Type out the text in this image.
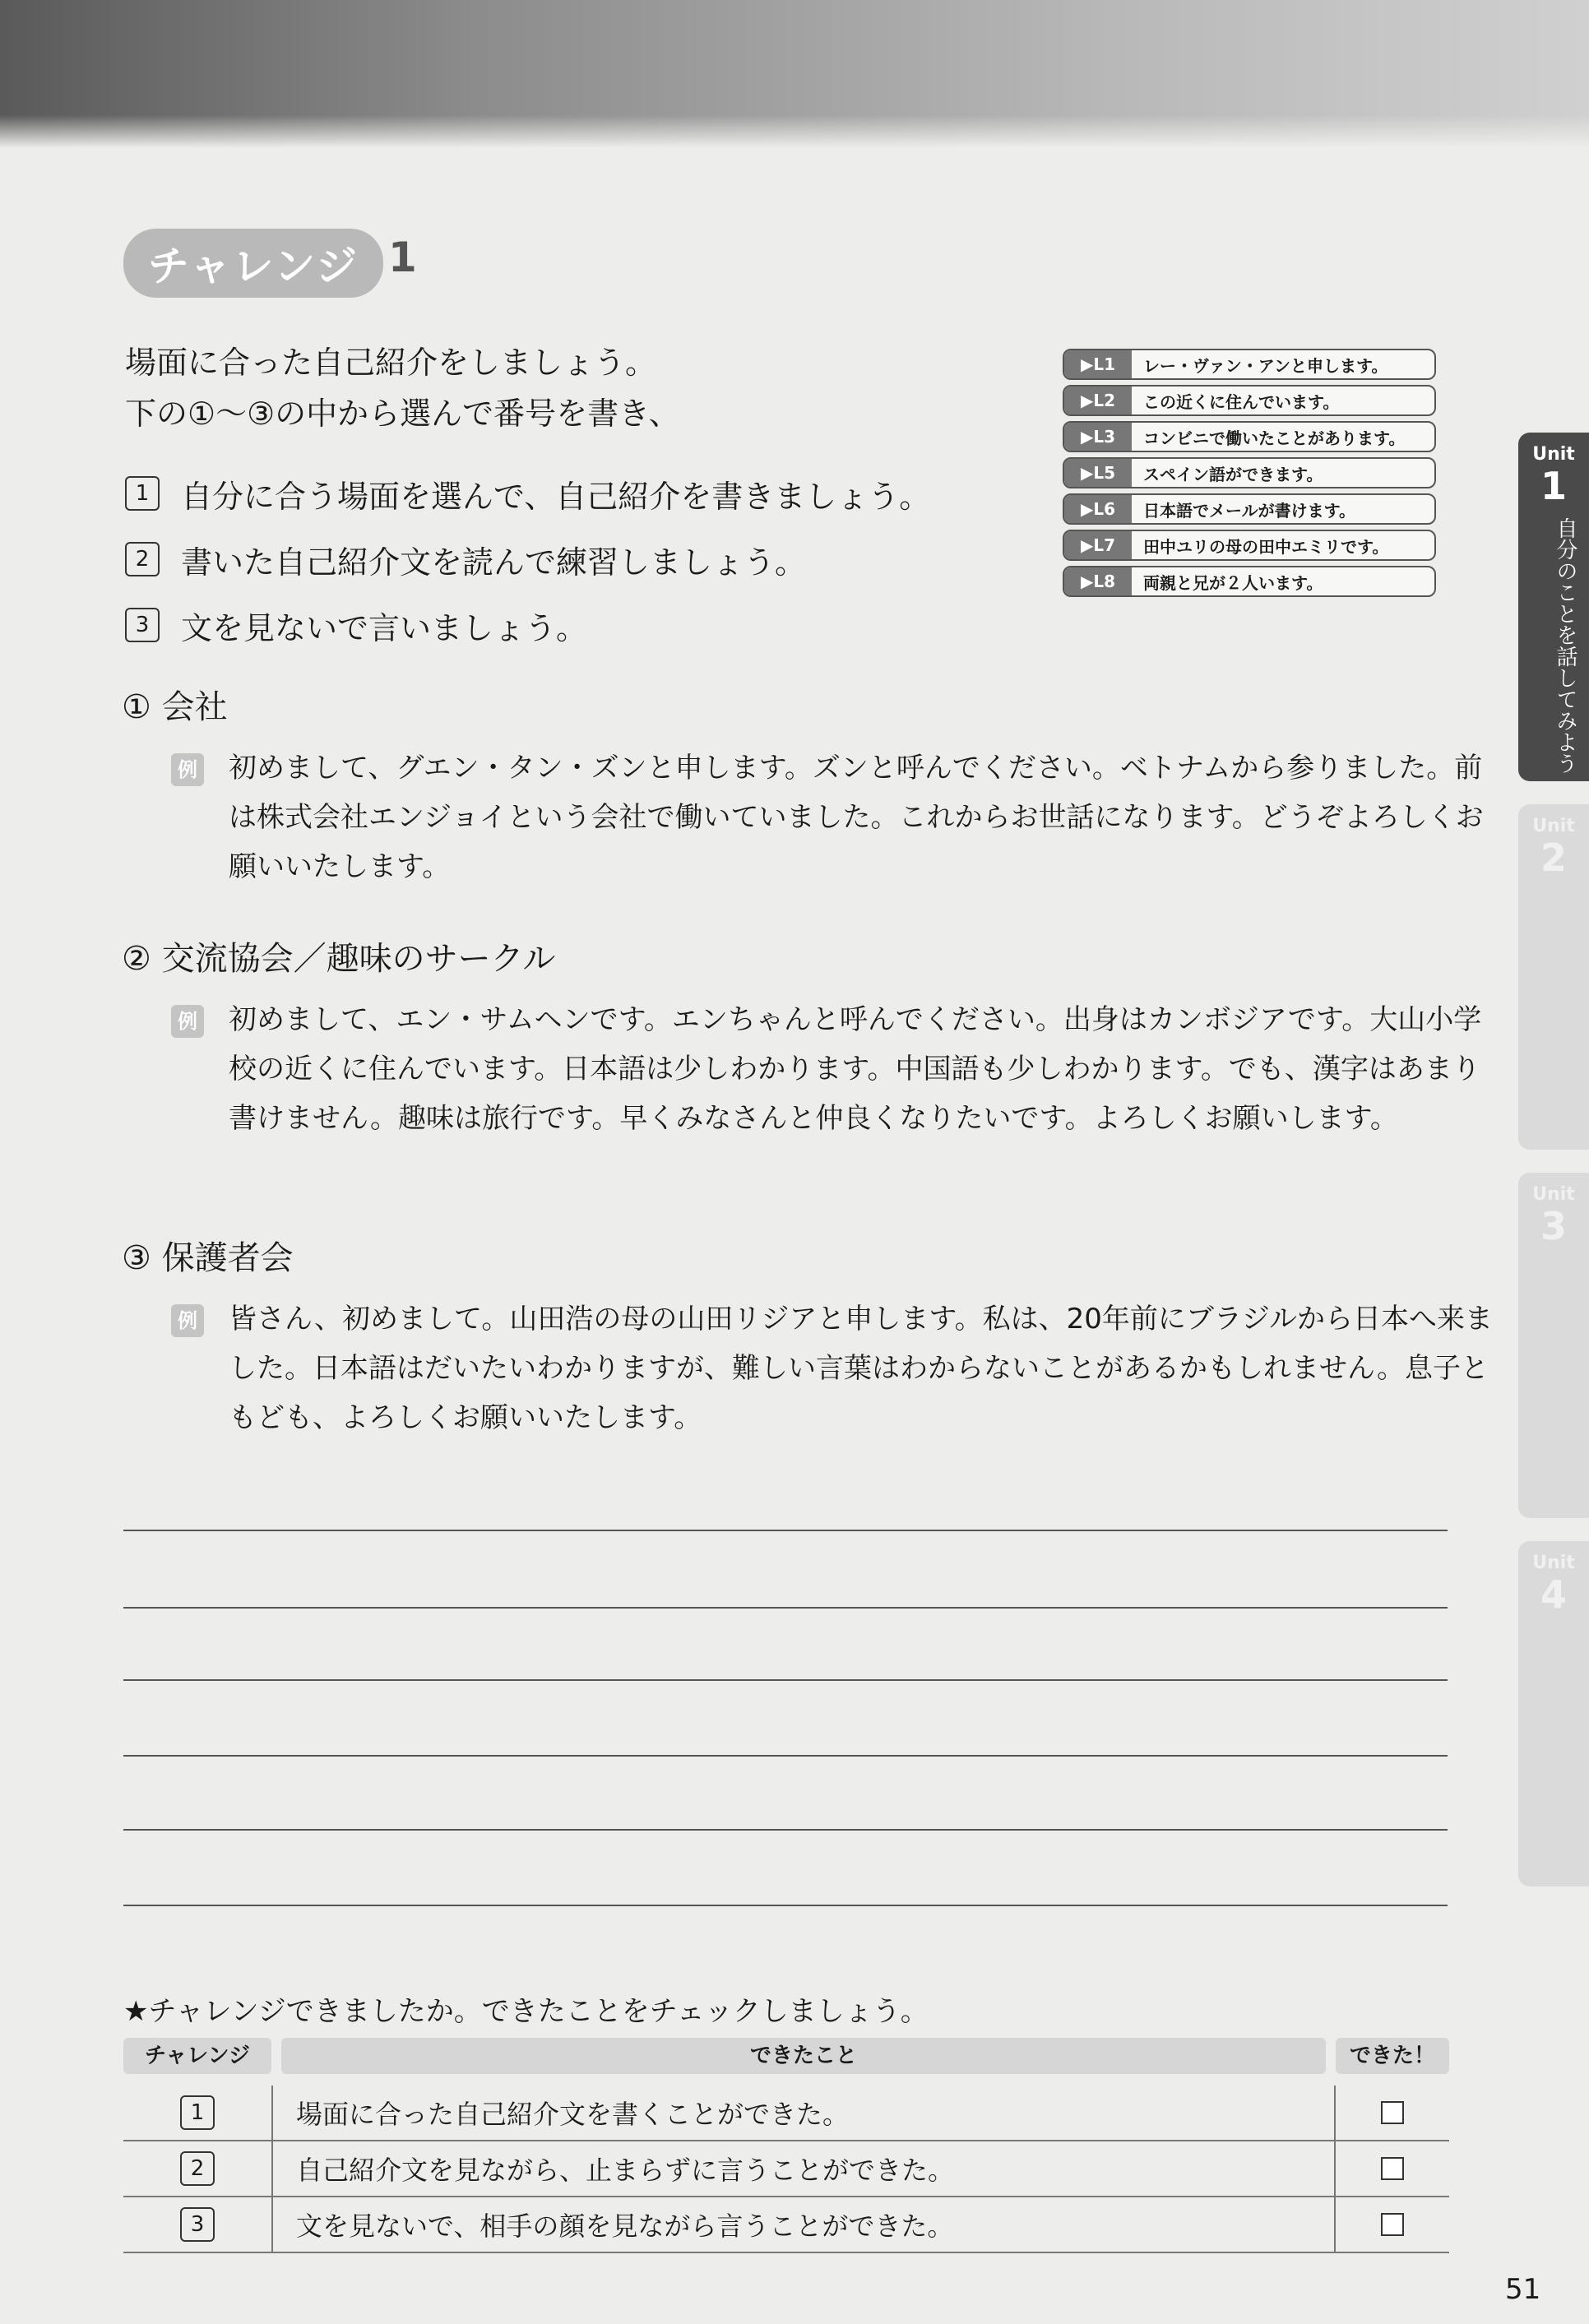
チャレンジ 1
場面に合った自己紹介をしましょう。
下の①～③の中から選んで番号を書き、
1	自分に合う場面を選んで、自己紹介を書きましょう。
2	書いた自己紹介文を読んで練習しましょう。
3	文を見ないで言いましょう。
▶L1	レー・ヴァン・アンと申します。
▶L2	この近くに住んでいます。
▶L3	コンビニで働いたことがあります。
▶L5	スペイン語ができます。
▶L6	日本語でメールが書けます。
▶L7	田中ユリの母の田中エミリです。
▶L8	両親と兄が２人います。
① 会社
例 初めまして、グエン・タン・ズンと申します。ズンと呼んでください。ベトナムから参りました。前は株式会社エンジョイという会社で働いていました。これからお世話になります。どうぞよろしくお願いいたします。
② 交流協会／趣味のサークル
例 初めまして、エン・サムヘンです。エンちゃんと呼んでください。出身はカンボジアです。大山小学校の近くに住んでいます。日本語は少しわかります。中国語も少しわかります。でも、漢字はあまり書けません。趣味は旅行です。早くみなさんと仲良くなりたいです。よろしくお願いします。
③ 保護者会
例 皆さん、初めまして。山田浩の母の山田リジアと申します。私は、20年前にブラジルから日本へ来ました。日本語はだいたいわかりますが、難しい言葉はわからないことがあるかもしれません。息子ともども、よろしくお願いいたします。
★チャレンジできましたか。できたことをチェックしましょう。
チャレンジ	できたこと	できた！
1	場面に合った自己紹介文を書くことができた。
2	自己紹介文を見ながら、止まらずに言うことができた。
3	文を見ないで、相手の顔を見ながら言うことができた。
Unit
1
自分のことを話してみよう
Unit
2
Unit
3
Unit
4
51
